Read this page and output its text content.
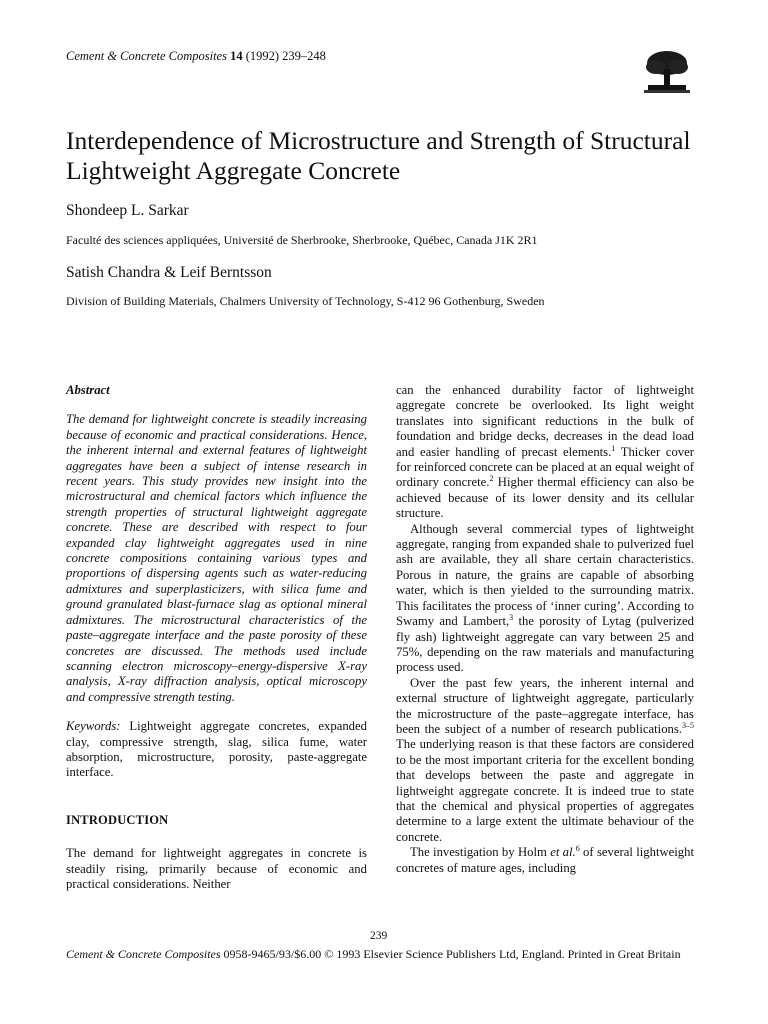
Cement & Concrete Composites 14 (1992) 239–248
Interdependence of Microstructure and Strength of Structural Lightweight Aggregate Concrete
Shondeep L. Sarkar
Faculté des sciences appliquées, Université de Sherbrooke, Sherbrooke, Québec, Canada J1K 2R1
Satish Chandra & Leif Berntsson
Division of Building Materials, Chalmers University of Technology, S-412 96 Gothenburg, Sweden

Abstract

The demand for lightweight concrete is steadily increasing because of economic and practical considerations. Hence, the inherent internal and external features of lightweight aggregates have been a subject of intense research in recent years. This study provides new insight into the microstructural and chemical factors which influence the strength properties of structural lightweight aggregate concrete. These are described with respect to four expanded clay lightweight aggregates used in nine concrete compositions containing various types and proportions of dispersing agents such as water-reducing admixtures and superplasticizers, with silica fume and ground granulated blast-furnace slag as optional mineral admixtures. The microstructural characteristics of the paste–aggregate interface and the paste porosity of these concretes are discussed. The methods used include scanning electron microscopy–energy-dispersive X-ray analysis, X-ray diffraction analysis, optical microscopy and compressive strength testing.

Keywords: Lightweight aggregate concretes, expanded clay, compressive strength, slag, silica fume, water absorption, microstructure, porosity, paste-aggregate interface.

INTRODUCTION

The demand for lightweight aggregates in concrete is steadily rising, primarily because of economic and practical considerations. Neither

can the enhanced durability factor of lightweight aggregate concrete be overlooked. Its light weight translates into significant reductions in the bulk of foundation and bridge decks, decreases in the dead load and easier handling of precast elements.$^1$ Thicker cover for reinforced concrete can be placed at an equal weight of ordinary concrete.$^2$ Higher thermal efficiency can also be achieved because of its lower density and its cellular structure.

Although several commercial types of lightweight aggregate, ranging from expanded shale to pulverized fuel ash are available, they all share certain characteristics. Porous in nature, the grains are capable of absorbing water, which is then yielded to the surrounding matrix. This facilitates the process of ‘inner curing’. According to Swamy and Lambert,$^3$ the porosity of Lytag (pulverized fly ash) lightweight aggregate can vary between 25 and 75%, depending on the raw materials and manufacturing process used.

Over the past few years, the inherent internal and external structure of lightweight aggregate, particularly the microstructure of the paste–aggregate interface, has been the subject of a number of research publications.$^{3-5}$ The underlying reason is that these factors are considered to be the most important criteria for the excellent bonding that develops between the paste and aggregate in lightweight aggregate concrete. It is indeed true to state that the chemical and physical properties of aggregates determine to a large extent the ultimate behaviour of the concrete.

The investigation by Holm et al.$^6$ of several lightweight concretes of mature ages, including

239
Cement & Concrete Composites 0958-9465/93/$6.00 © 1993 Elsevier Science Publishers Ltd, England. Printed in Great Britain
